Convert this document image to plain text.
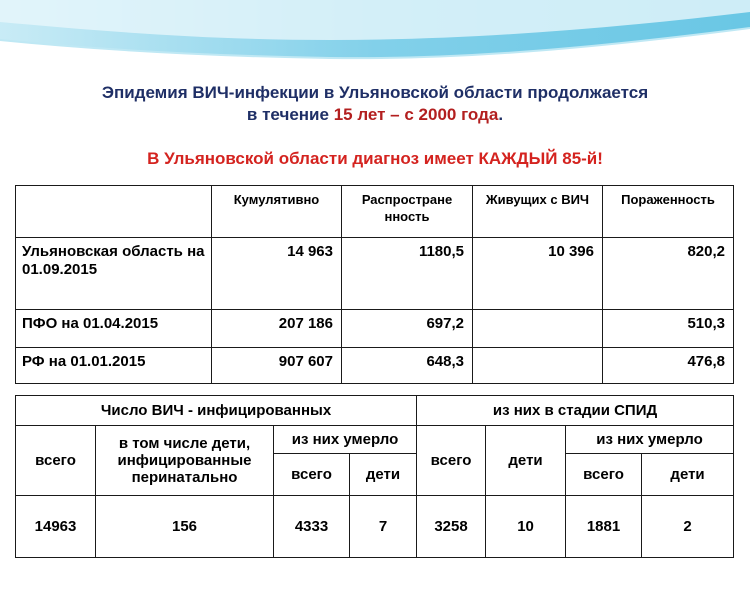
Эпидемия ВИЧ-инфекции в Ульяновской области продолжается
в течение 15 лет – с 2000 года.
В Ульяновской области диагноз имеет КАЖДЫЙ 85-й!
	Кумулятивно	Распростране нность	Живущих с ВИЧ	Пораженность
Ульяновская область на 01.09.2015	14 963	1180,5	10 396	820,2
ПФО на 01.04.2015	207 186	697,2		510,3
РФ на 01.01.2015	907 607	648,3		476,8
Число ВИЧ - инфицированных				из них в стадии СПИД			
всего	в том числе дети, инфицированные перинатально	из них умерло		всего	дети	из них умерло	
		всего	дети			всего	дети
14963	156	4333	7	3258	10	1881	2
